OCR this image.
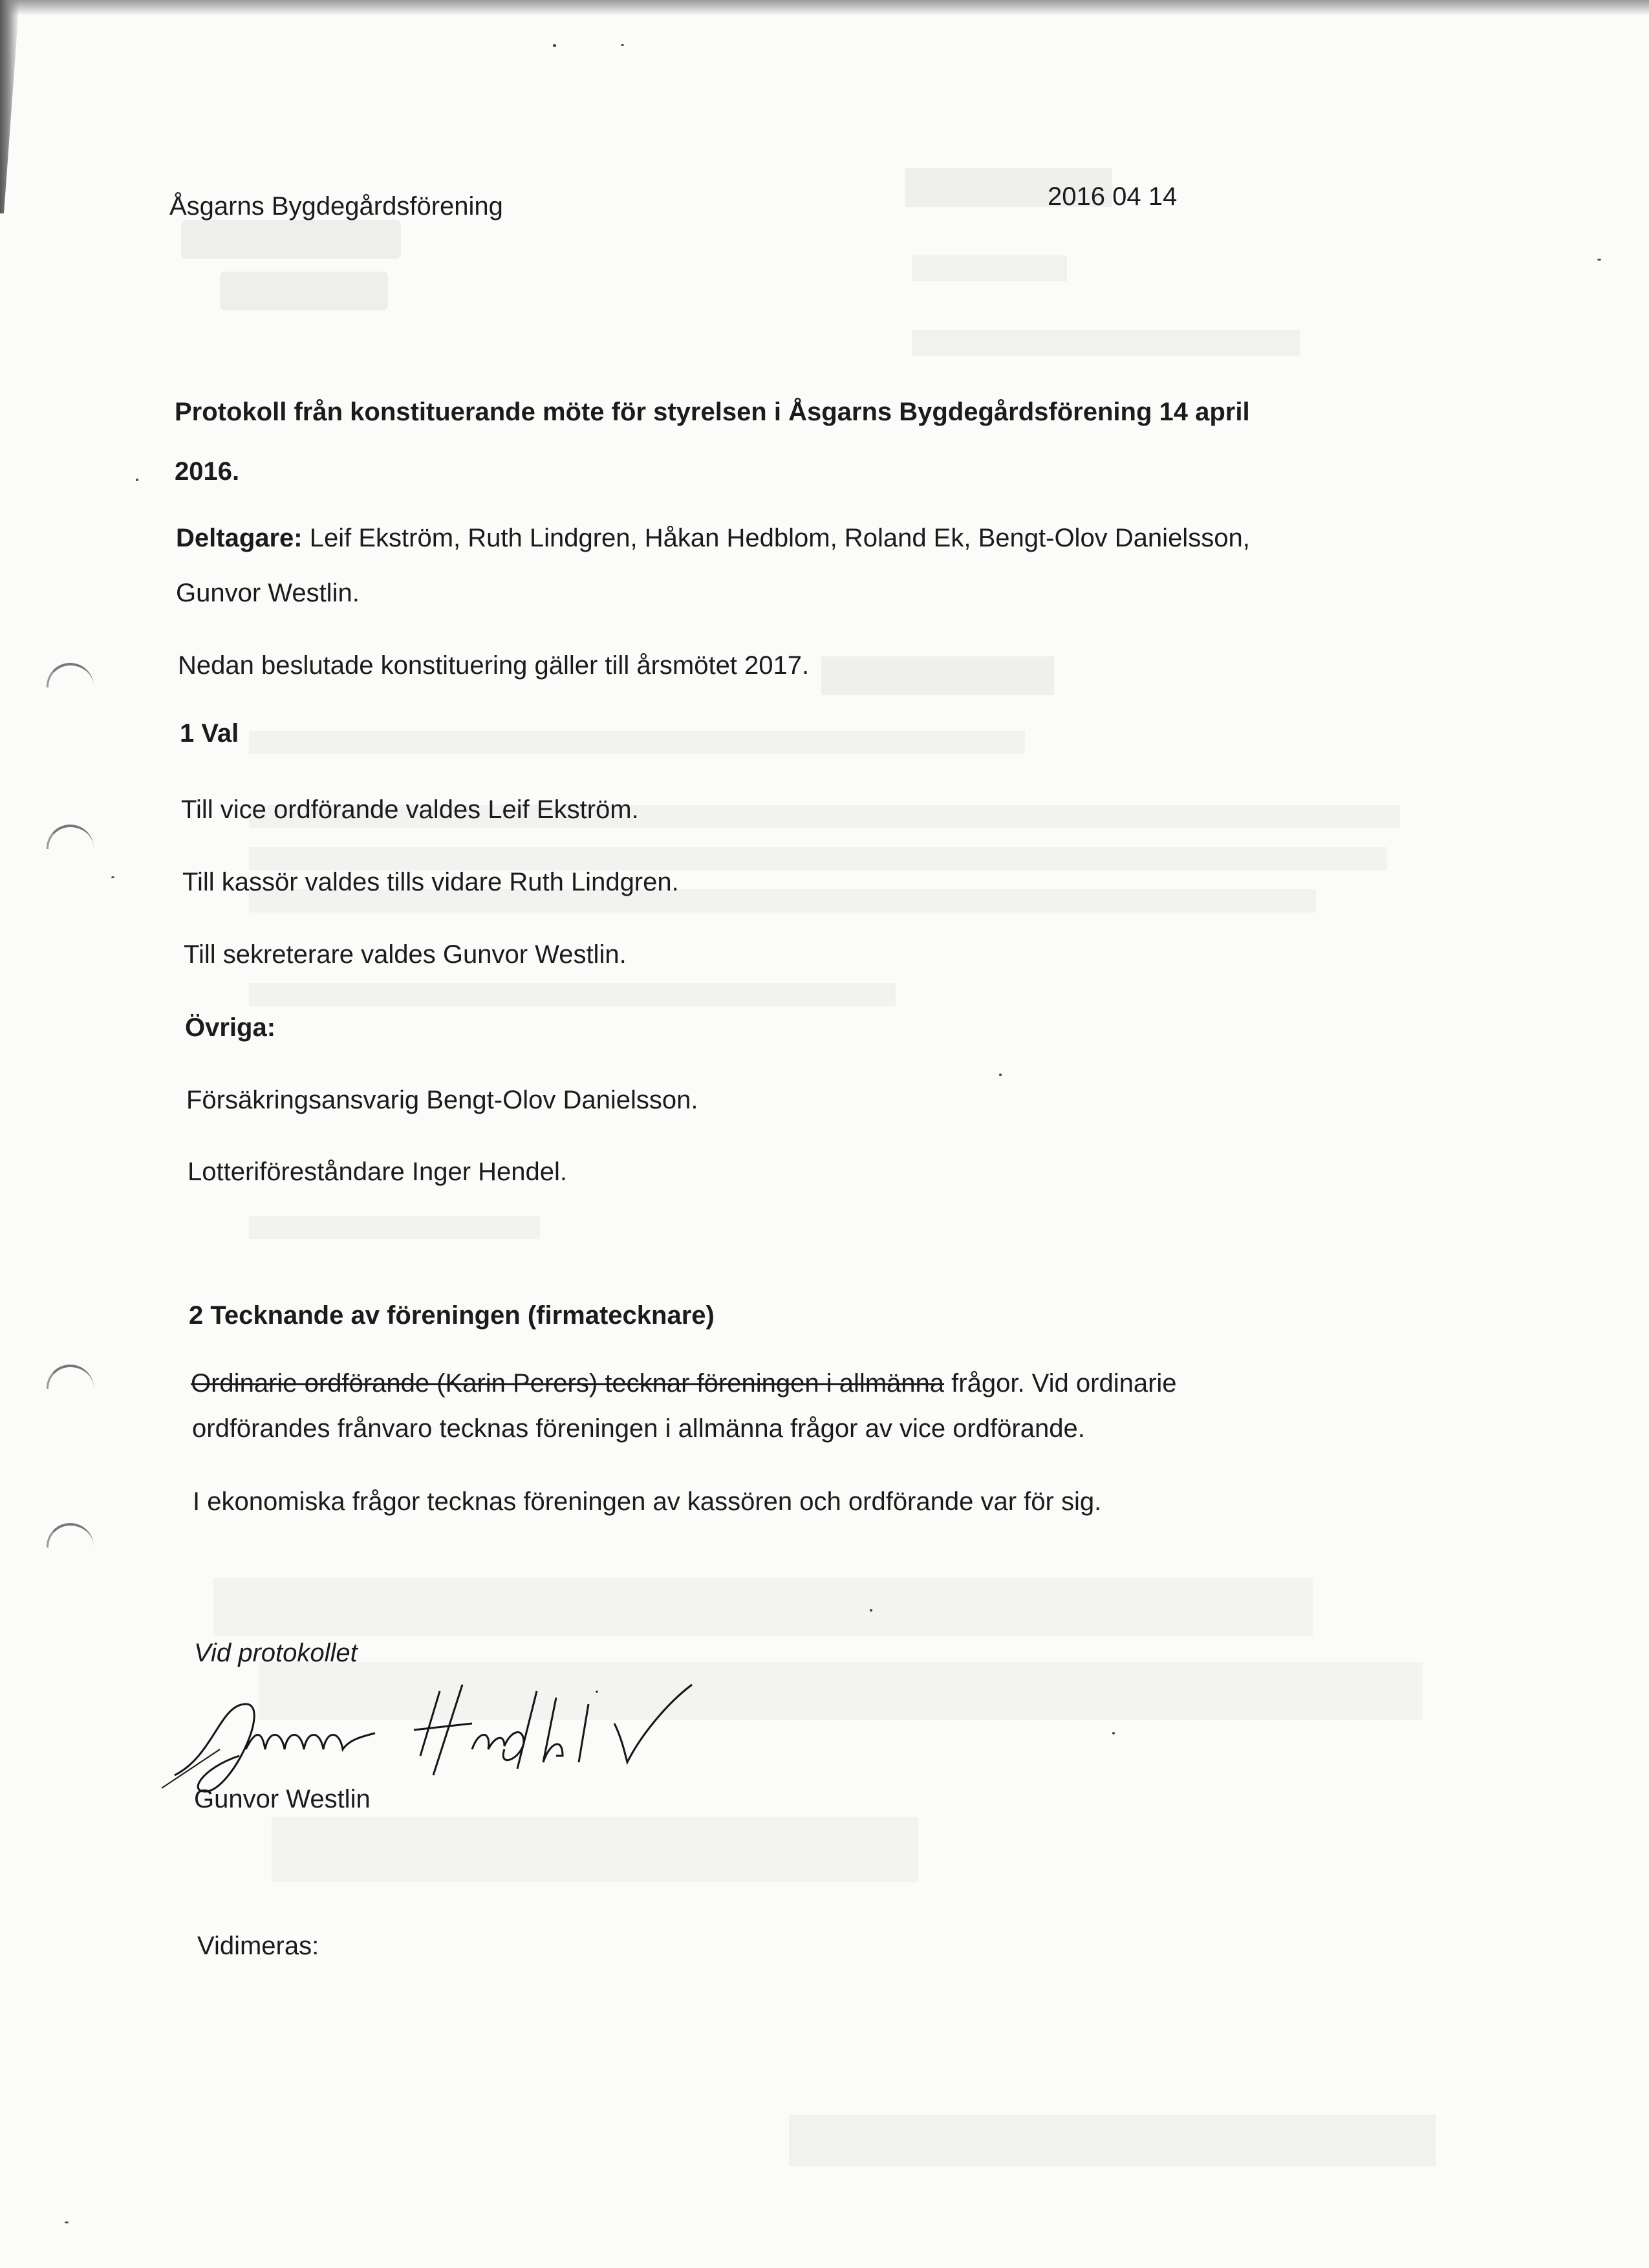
Åsgarns Bygdegårdsförening	2016 04 14
Protokoll från konstituerande möte för styrelsen i Åsgarns Bygdegårdsförening 14 april
2016.
Deltagare: Leif Ekström, Ruth Lindgren, Håkan Hedblom, Roland Ek, Bengt-Olov Danielsson,
Gunvor Westlin.
Nedan beslutade konstituering gäller till årsmötet 2017.
1 Val
Till vice ordförande valdes Leif Ekström.
Till kassör valdes tills vidare Ruth Lindgren.
Till sekreterare valdes Gunvor Westlin.
Övriga:
Försäkringsansvarig Bengt-Olov Danielsson.
Lotteriföreståndare Inger Hendel.
2 Tecknande av föreningen (firmatecknare)
Ordinarie ordförande (Karin Perers) tecknar föreningen i allmänna frågor. Vid ordinarie
ordförandes frånvaro tecknas föreningen i allmänna frågor av vice ordförande.
I ekonomiska frågor tecknas föreningen av kassören och ordförande var för sig.
Vid protokollet
Gunvor Westlin
Vidimeras:
